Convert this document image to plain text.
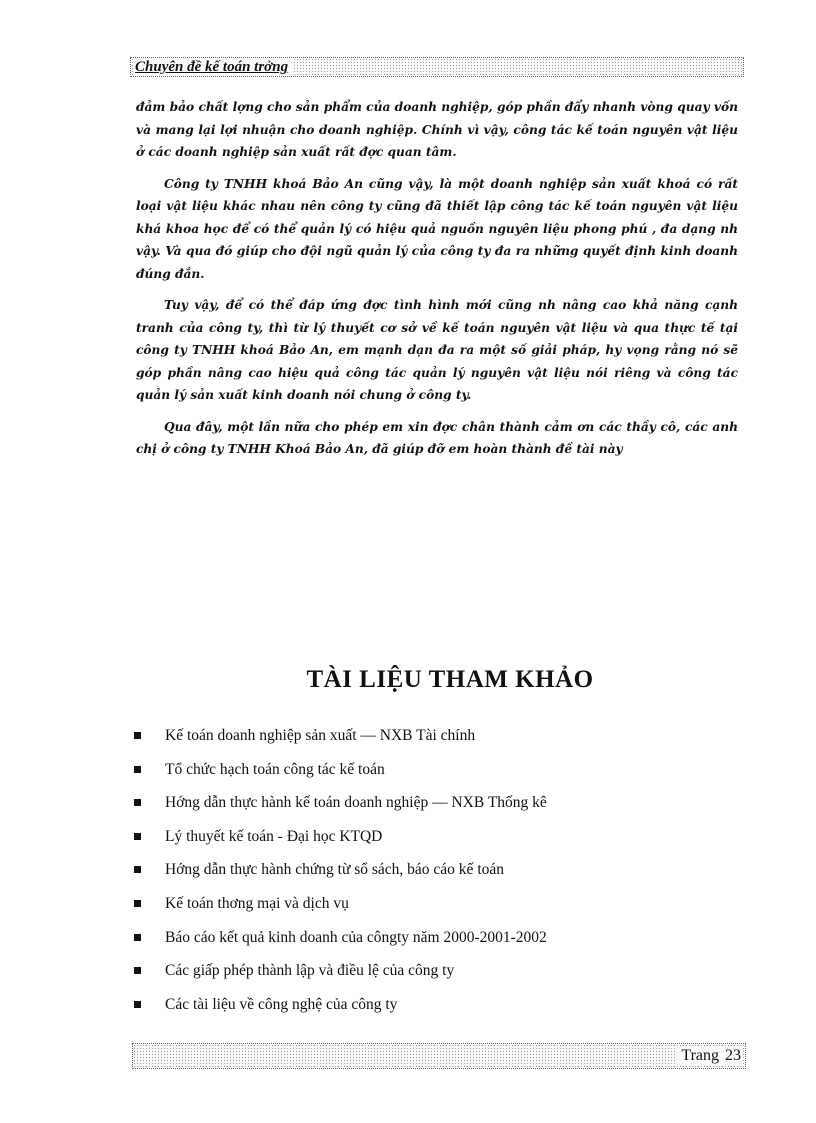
Chuyên đề kế toán trởng

đảm bảo chất lợng cho sản phẩm của doanh nghiệp, góp phần đẩy nhanh vòng quay vốn và mang lại lợi nhuận cho doanh nghiệp. Chính vì vậy, công tác kế toán nguyên vật liệu ở các doanh nghiệp sản xuất rất đợc quan tâm.

Công ty TNHH khoá Bảo An cũng vậy, là một doanh nghiệp sản xuất khoá có rất loại vật liệu khác nhau nên công ty cũng đã thiết lập công tác kế toán nguyên vật liệu khá khoa học để có thể quản lý có hiệu quả nguồn nguyên liệu phong phú , đa dạng nh vậy. Và qua đó giúp cho đội ngũ quản lý của công ty đa ra những quyết định kinh doanh đúng đắn.

Tuy vậy, để có thể đáp ứng đợc tình hình mới cũng nh nâng cao khả năng cạnh tranh của công ty, thì từ lý thuyết cơ sở về kế toán nguyên vật liệu và qua thực tế tại công ty TNHH khoá Bảo An, em mạnh dạn đa ra một số giải pháp, hy vọng rằng nó sẽ góp phần nâng cao hiệu quả công tác quản lý nguyên vật liệu nói riêng và công tác quản lý sản xuất kinh doanh nói chung ở công ty.

Qua đây, một lần nữa cho phép em xin đợc chân thành cảm ơn các thầy cô, các anh chị ở công ty TNHH Khoá Bảo An, đã giúp đỡ em hoàn thành đề tài này

TÀI LIỆU THAM KHẢO
Kế toán doanh nghiệp sản xuất — NXB Tài chính
Tổ chức hạch toán công tác kế toán
Hớng dẫn thực hành kế toán doanh nghiệp — NXB Thống kê
Lý thuyết kế toán - Đại học KTQD
Hớng dẫn thực hành chứng từ sổ sách, báo cáo kế toán
Kế toán thơng mại và dịch vụ
Báo cáo kết quả kinh doanh của côngty năm 2000-2001-2002
Các giấp phép thành lập và điều lệ của công ty
Các tài liệu về công nghệ của công ty
Trang 23
